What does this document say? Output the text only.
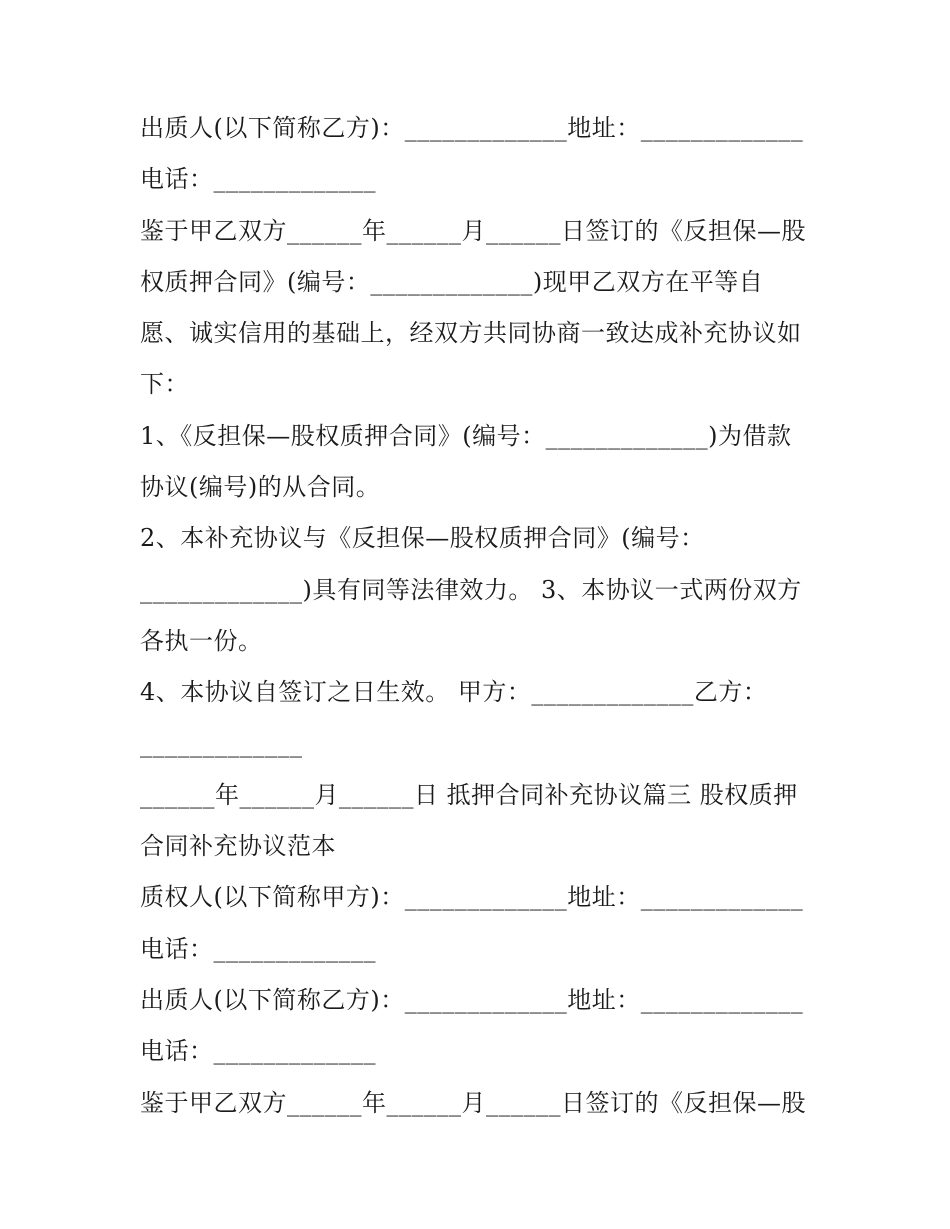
出质人(以下简称乙方)：_____________地址：_____________
电话：_____________
鉴于甲乙双方______年______月______日签订的《反担保—股
权质押合同》(编号：_____________)现甲乙双方在平等自
愿、诚实信用的基础上，经双方共同协商一致达成补充协议如
下：
1、《反担保—股权质押合同》(编号：_____________)为借款
协议(编号)的从合同。
2、本补充协议与《反担保—股权质押合同》(编号：
_____________)具有同等法律效力。 3、本协议一式两份双方
各执一份。
4、本协议自签订之日生效。 甲方：_____________乙方：
_____________
______年______月______日 抵押合同补充协议篇三 股权质押
合同补充协议范本
质权人(以下简称甲方)：_____________地址：_____________
电话：_____________
出质人(以下简称乙方)：_____________地址：_____________
电话：_____________
鉴于甲乙双方______年______月______日签订的《反担保—股
